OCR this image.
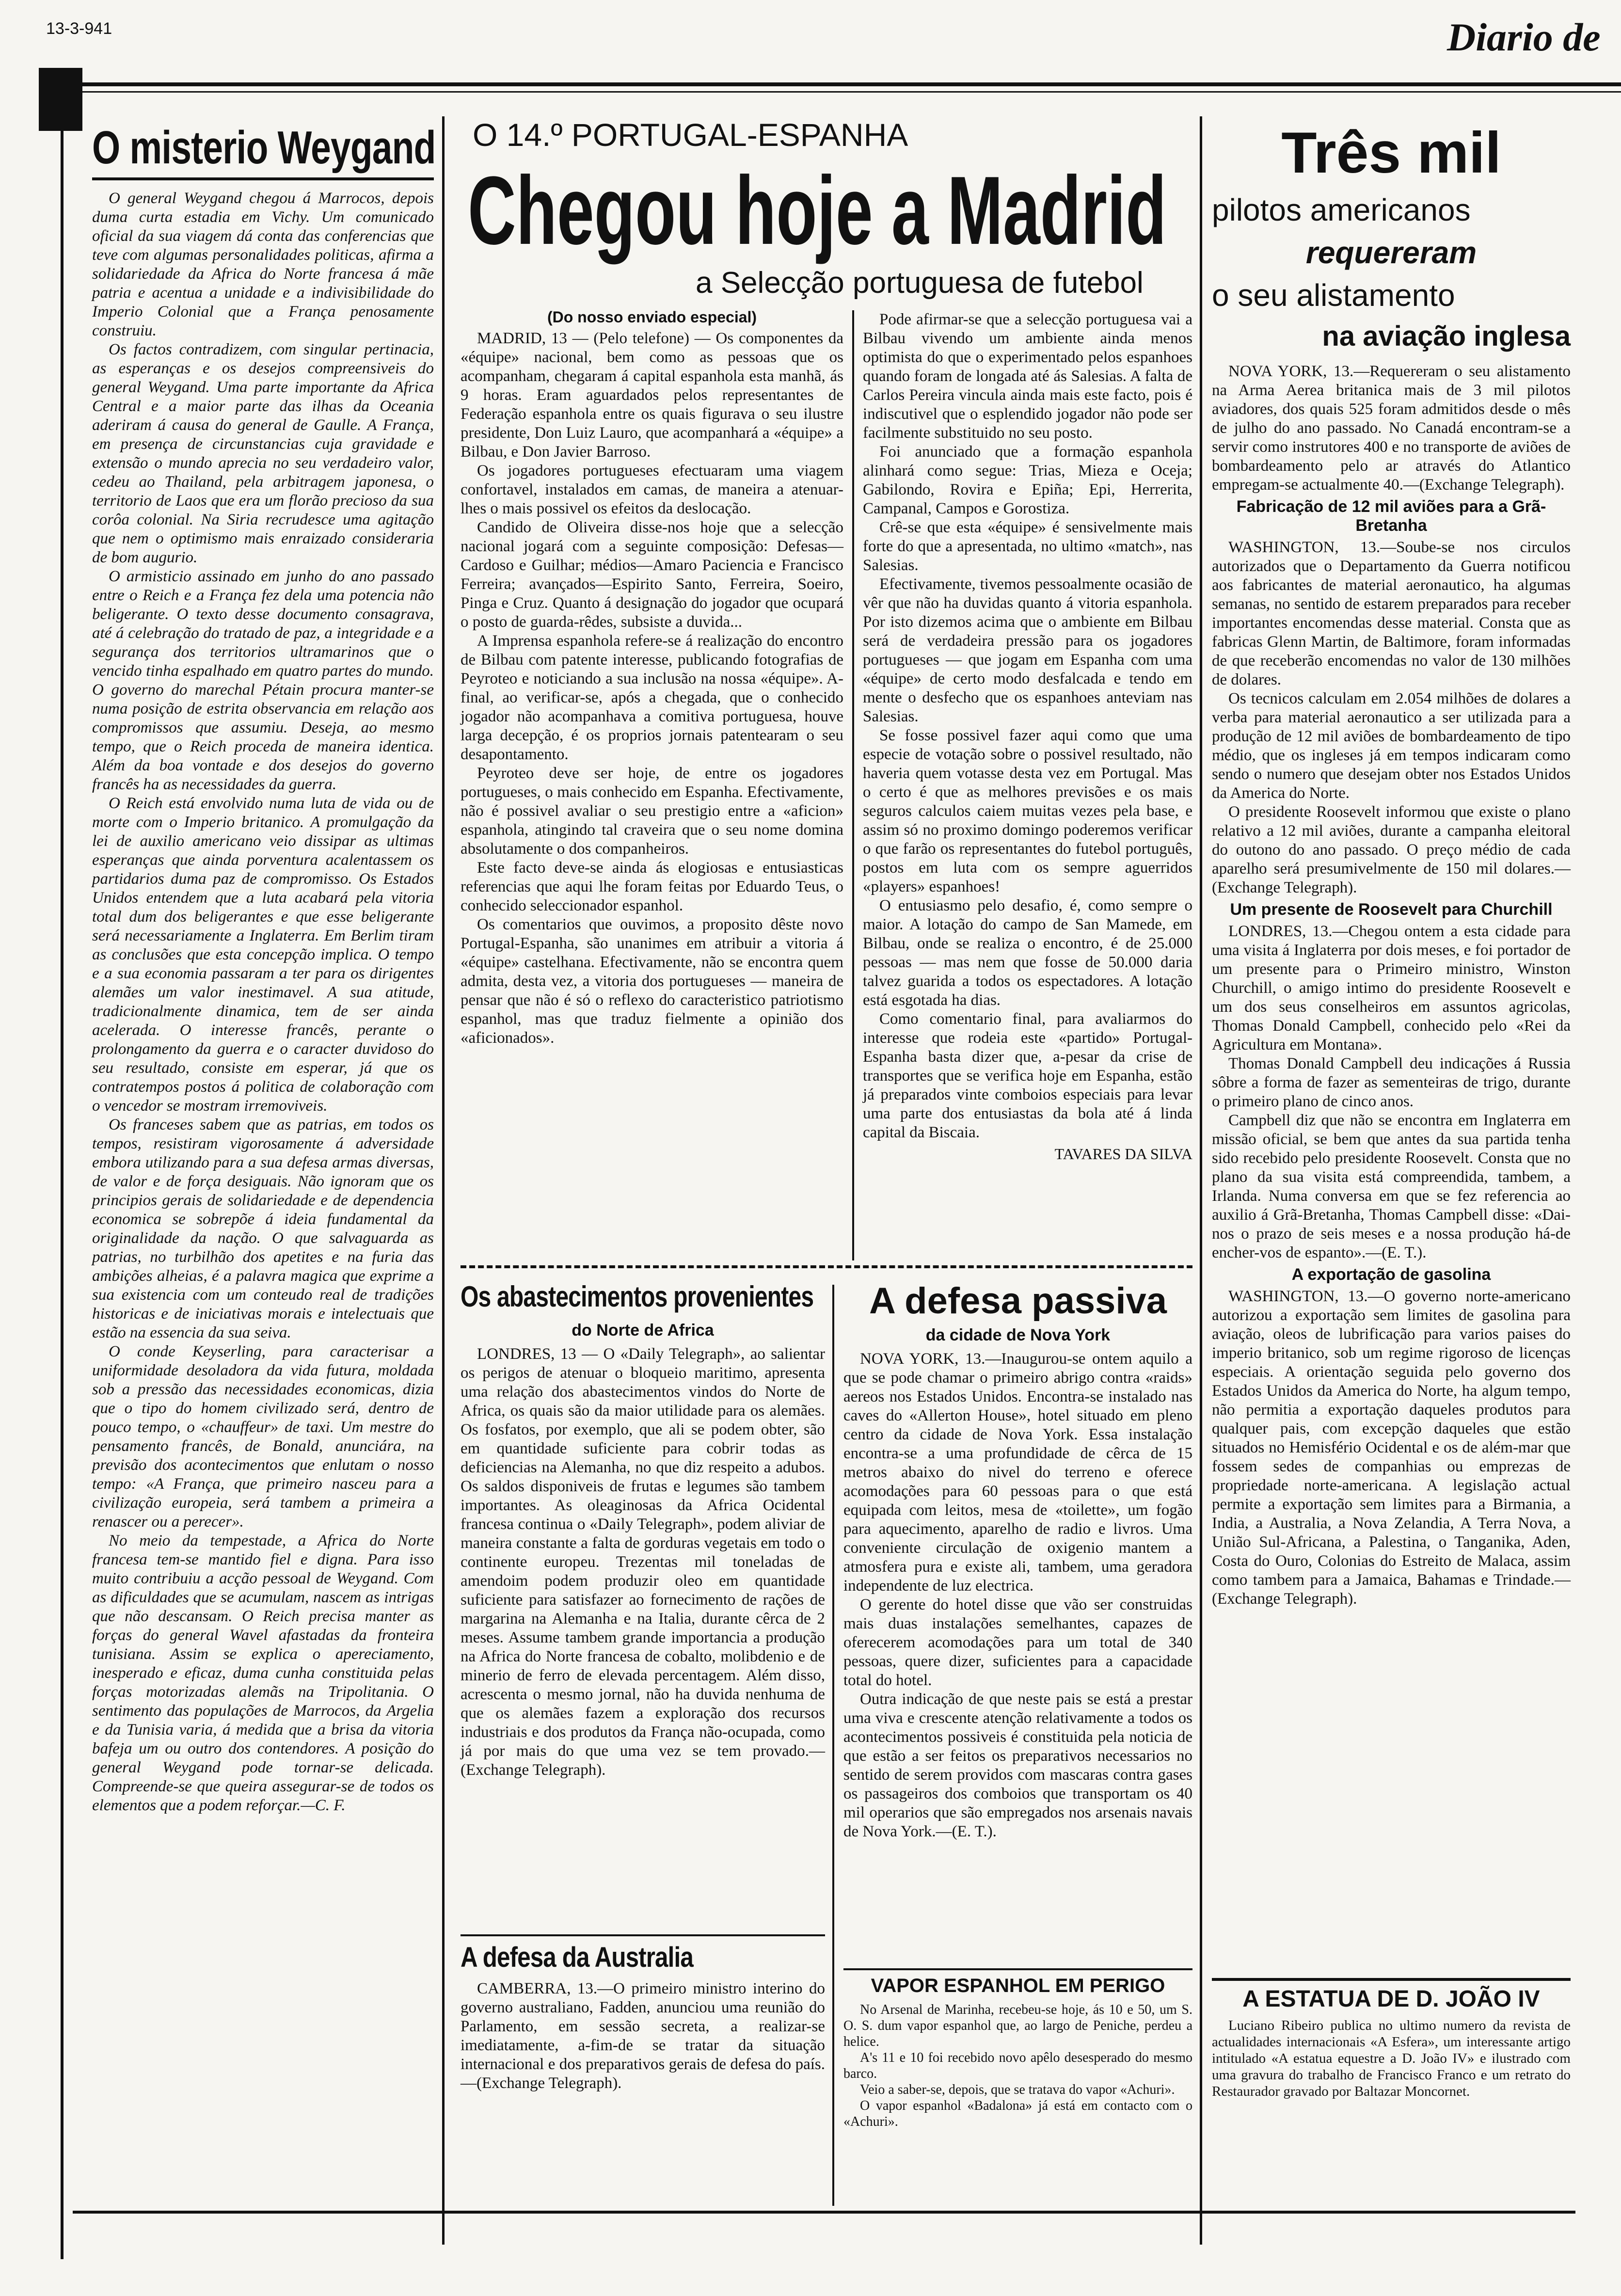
13-3-941	Diario de
O misterio Weygand

O general Weygand chegou á Marrocos, depois duma curta estadia em Vichy. Um comunicado oficial da sua viagem dá conta das conferencias que teve com algumas personalidades politicas, afirma a solidariedade da Africa do Norte francesa á mãe patria e acentua a unidade e a indivisibilidade do Imperio Colonial que a França penosamente construiu.

Os factos contradizem, com singular pertinacia, as esperanças e os desejos compreensiveis do general Weygand. Uma parte importante da Africa Central e a maior parte das ilhas da Oceania aderiram á causa do general de Gaulle. A França, em presença de circunstancias cuja gravidade e extensão o mundo aprecia no seu verdadeiro valor, cedeu ao Thailand, pela arbitragem japonesa, o territorio de Laos que era um florão precioso da sua corôa colonial. Na Siria recrudesce uma agitação que nem o optimismo mais enraizado consideraria de bom augurio.

O armisticio assinado em junho do ano passado entre o Reich e a França fez dela uma potencia não beligerante. O texto desse documento consagrava, até á celebração do tratado de paz, a integridade e a segurança dos territorios ultramarinos que o vencido tinha espalhado em quatro partes do mundo. O governo do marechal Pétain procura manter-se numa posição de estrita observancia em relação aos compromissos que assumiu. Deseja, ao mesmo tempo, que o Reich proceda de maneira identica. Além da boa vontade e dos desejos do governo francês ha as necessidades da guerra.

O Reich está envolvido numa luta de vida ou de morte com o Imperio britanico. A promulgação da lei de auxilio americano veio dissipar as ultimas esperanças que ainda porventura acalentassem os partidarios duma paz de compromisso. Os Estados Unidos entendem que a luta acabará pela vitoria total dum dos beligerantes e que esse beligerante será necessariamente a Inglaterra. Em Berlim tiram as conclusões que esta concepção implica. O tempo e a sua economia passaram a ter para os dirigentes alemães um valor inestimavel. A sua atitude, tradicionalmente dinamica, tem de ser ainda acelerada. O interesse francês, perante o prolongamento da guerra e o caracter duvidoso do seu resultado, consiste em esperar, já que os contratempos postos á politica de colaboração com o vencedor se mostram irremoviveis.

Os franceses sabem que as patrias, em todos os tempos, resistiram vigorosamente á adversidade embora utilizando para a sua defesa armas diversas, de valor e de força desiguais. Não ignoram que os principios gerais de solidariedade e de dependencia economica se sobrepõe á ideia fundamental da originalidade da nação. O que salvaguarda as patrias, no turbilhão dos apetites e na furia das ambições alheias, é a palavra magica que exprime a sua existencia com um conteudo real de tradições historicas e de iniciativas morais e intelectuais que estão na essencia da sua seiva.

O conde Keyserling, para caracterisar a uniformidade desoladora da vida futura, moldada sob a pressão das necessidades economicas, dizia que o tipo do homem civilizado será, dentro de pouco tempo, o «chauffeur» de taxi. Um mestre do pensamento francês, de Bonald, anunciára, na previsão dos acontecimentos que enlutam o nosso tempo: «A França, que primeiro nasceu para a civilização europeia, será tambem a primeira a renascer ou a perecer».

No meio da tempestade, a Africa do Norte francesa tem-se mantido fiel e digna. Para isso muito contribuiu a acção pessoal de Weygand. Com as dificuldades que se acumulam, nascem as intrigas que não descansam. O Reich precisa manter as forças do general Wavel afastadas da fronteira tunisiana. Assim se explica o apereciamento, inesperado e eficaz, duma cunha constituida pelas forças motorizadas alemãs na Tripolitania. O sentimento das populações de Marrocos, da Argelia e da Tunisia varia, á medida que a brisa da vitoria bafeja um ou outro dos contendores. A posição do general Weygand pode tornar-se delicada. Compreende-se que queira assegurar-se de todos os elementos que a podem reforçar.—C. F.

O 14.º PORTUGAL-ESPANHA
Chegou hoje a Madrid
a Selecção portuguesa de futebol
(Do nosso enviado especial)

MADRID, 13 — (Pelo telefone) — Os componentes da «équipe» nacional, bem como as pessoas que os acompanham, chegaram á capital espanhola esta manhã, ás 9 horas. Eram aguardados pelos representantes de Federação espanhola entre os quais figurava o seu ilustre presidente, Don Luiz Lauro, que acompanhará a «équipe» a Bilbau, e Don Javier Barroso.

Os jogadores portugueses efectuaram uma viagem confortavel, instalados em camas, de maneira a atenuar-lhes o mais possivel os efeitos da deslocação.

Candido de Oliveira disse-nos hoje que a selecção nacional jogará com a seguinte composição: Defesas—Cardoso e Guilhar; médios—Amaro Pacienciа e Francisco Ferreira; avançados—Espirito Santo, Ferreira, Soeiro, Pinga e Cruz. Quanto á designação do jogador que ocupará o posto de guarda-rêdes, subsiste a duvida...

A Imprensa espanhola refere-se á realização do encontro de Bilbau com patente interesse, publicando fotografias de Peyroteo e noticiando a sua inclusão na nossa «équipe». A-final, ao verificar-se, após a chegada, que o conhecido jogador não acompanhava a comitiva portuguesa, houve larga decepção, é os proprios jornais patentearam o seu desapontamento.

Peyroteo deve ser hoje, de entre os jogadores portugueses, o mais conhecido em Espanha. Efectivamente, não é possivel avaliar o seu prestigio entre a «aficion» espanhola, atingindo tal craveira que o seu nome domina absolutamente o dos companheiros.

Este facto deve-se ainda ás elogiosas e entusiasticas referencias que aqui lhe foram feitas por Eduardo Teus, o conhecido seleccionador espanhol.

Os comentarios que ouvimos, a proposito dêste novo Portugal-Espanha, são unanimes em atribuir a vitoria á «équipe» castelhana. Efectivamente, não se encontra quem admita, desta vez, a vitoria dos portugueses — maneira de pensar que não é só o reflexo do caracteristico patriotismo espanhol, mas que traduz fielmente a opinião dos «aficionados».

Pode afirmar-se que a selecção portuguesa vai a Bilbau vivendo um ambiente ainda menos optimista do que o experimentado pelos espanhoes quando foram de longada até ás Salesias. A falta de Carlos Pereira vincula ainda mais este facto, pois é indiscutivel que o esplendido jogador não pode ser facilmente substituido no seu posto.

Foi anunciado que a formação espanhola alinhará como segue: Trias, Mieza e Oceja; Gabilondo, Rovira e Epiña; Epi, Herrerita, Campanal, Campos e Gorostiza.

Crê-se que esta «équipe» é sensivelmente mais forte do que a apresentada, no ultimo «match», nas Salesias.

Efectivamente, tivemos pessoalmente ocasião de vêr que não ha duvidas quanto á vitoria espanhola. Por isto dizemos acima que o ambiente em Bilbau será de verdadeira pressão para os jogadores portugueses — que jogam em Espanha com uma «équipe» de certo modo desfalcada e tendo em mente o desfecho que os espanhoes anteviam nas Salesias.

Se fosse possivel fazer aqui como que uma especie de votação sobre o possivel resultado, não haveria quem votasse desta vez em Portugal. Mas o certo é que as melhores previsões e os mais seguros calculos caiem muitas vezes pela base, e assim só no proximo domingo poderemos verificar o que farão os representantes do futebol português, postos em luta com os sempre aguerridos «players» espanhoes!

O entusiasmo pelo desafio, é, como sempre o maior. A lotação do campo de San Mamede, em Bilbau, onde se realiza o encontro, é de 25.000 pessoas — mas nem que fosse de 50.000 daria talvez guarida a todos os espectadores. A lotação está esgotada ha dias.

Como comentario final, para avaliarmos do interesse que rodeia este «partido» Portugal-Espanha basta dizer que, a-pesar da crise de transportes que se verifica hoje em Espanha, estão já preparados vinte comboios especiais para levar uma parte dos entusiastas da bola até á linda capital da Biscaia.

TAVARES DA SILVA
Os abastecimentos provenientes
do Norte de Africa

LONDRES, 13 — O «Daily Telegraph», ao salientar os perigos de atenuar o bloqueio maritimo, apresenta uma relação dos abastecimentos vindos do Norte de Africa, os quais são da maior utilidade para os alemães. Os fosfatos, por exemplo, que ali se podem obter, são em quantidade suficiente para cobrir todas as deficiencias na Alemanha, no que diz respeito a adubos. Os saldos disponiveis de frutas e legumes são tambem importantes. As oleaginosas da Africa Ocidental francesa continua o «Daily Telegraph», podem aliviar de maneira constante a falta de gorduras vegetais em todo o continente europeu. Trezentas mil toneladas de amendoim podem produzir oleo em quantidade suficiente para satisfazer ao fornecimento de rações de margarina na Alemanha e na Italia, durante cêrca de 2 meses. Assume tambem grande importancia a produção na Africa do Norte francesa de cobalto, molibdenio e de minerio de ferro de elevada percentagem. Além disso, acrescenta o mesmo jornal, não ha duvida nenhuma de que os alemães fazem a exploração dos recursos industriais e dos produtos da França não-ocupada, como já por mais do que uma vez se tem provado.—(Exchange Telegraph).

A defesa da Australia

CAMBERRA, 13.—O primeiro ministro interino do governo australiano, Fadden, anunciou uma reunião do Parlamento, em sessão secreta, a realizar-se imediatamente, a-fim-de se tratar da situação internacional e dos preparativos gerais de defesa do país.—(Exchange Telegraph).

A defesa passiva
da cidade de Nova York

NOVA YORK, 13.—Inaugurou-se ontem aquilo a que se pode chamar o primeiro abrigo contra «raids» aereos nos Estados Unidos. Encontra-se instalado nas caves do «Allerton House», hotel situado em pleno centro da cidade de Nova York. Essa instalação encontra-se a uma profundidade de cêrca de 15 metros abaixo do nivel do terreno e oferece acomodações para 60 pessoas para o que está equipada com leitos, mesa de «toilette», um fogão para aquecimento, aparelho de radio e livros. Uma conveniente circulação de oxigenio mantem a atmosfera pura e existe ali, tambem, uma geradora independente de luz electrica.

O gerente do hotel disse que vão ser construidas mais duas instalações semelhantes, capazes de oferecerem acomodações para um total de 340 pessoas, quere dizer, suficientes para a capacidade total do hotel.

Outra indicação de que neste pais se está a prestar uma viva e crescente atenção relativamente a todos os acontecimentos possiveis é constituida pela noticia de que estão a ser feitos os preparativos necessarios no sentido de serem providos com mascaras contra gases os passageiros dos comboios que transportam os 40 mil operarios que são empregados nos arsenais navais de Nova York.—(E. T.).

VAPOR ESPANHOL EM PERIGO

No Arsenal de Marinha, recebeu-se hoje, ás 10 e 50, um S. O. S. dum vapor espanhol que, ao largo de Peniche, perdeu a helice.

A's 11 e 10 foi recebido novo apêlo desesperado do mesmo barco.

Veio a saber-se, depois, que se tratava do vapor «Achuri».

O vapor espanhol «Badalona» já está em contacto com o «Achuri».

Três mil
pilotos americanos
requereram
o seu alistamento
na aviação inglesa

NOVA YORK, 13.—Requereram o seu alistamento na Arma Aerea britanica mais de 3 mil pilotos aviadores, dos quais 525 foram admitidos desde o mês de julho do ano passado. No Canadá encontram-se a servir como instrutores 400 e no transporte de aviões de bombardeamento pelo ar através do Atlantico empregam-se actualmente 40.—(Exchange Telegraph).

Fabricação de 12 mil aviões para a Grã-Bretanha

WASHINGTON, 13.—Soube-se nos circulos autorizados que o Departamento da Guerra notificou aos fabricantes de material aeronautico, ha algumas semanas, no sentido de estarem preparados para receber importantes encomendas desse material. Consta que as fabricas Glenn Martin, de Baltimore, foram informadas de que receberão encomendas no valor de 130 milhões de dolares.

Os tecnicos calculam em 2.054 milhões de dolares a verba para material aeronautico a ser utilizada para a produção de 12 mil aviões de bombardeamento de tipo médio, que os ingleses já em tempos indicaram como sendo o numero que desejam obter nos Estados Unidos da America do Norte.

O presidente Roosevelt informou que existe o plano relativo a 12 mil aviões, durante a campanha eleitoral do outono do ano passado. O preço médio de cada aparelho será presumivelmente de 150 mil dolares.—(Exchange Telegraph).

Um presente de Roosevelt para Churchill

LONDRES, 13.—Chegou ontem a esta cidade para uma visita á Inglaterra por dois meses, e foi portador de um presente para o Primeiro ministro, Winston Churchill, o amigo intimo do presidente Roosevelt e um dos seus conselheiros em assuntos agricolas, Thomas Donald Campbell, conhecido pelo «Rei da Agricultura em Montana».

Thomas Donald Campbell deu indicações á Russia sôbre a forma de fazer as sementeiras de trigo, durante o primeiro plano de cinco anos.

Campbell diz que não se encontra em Inglaterra em missão oficial, se bem que antes da sua partida tenha sido recebido pelo presidente Roosevelt. Consta que no plano da sua visita está compreendida, tambem, a Irlanda. Numa conversa em que se fez referencia ao auxilio á Grã-Bretanha, Thomas Campbell disse: «Dai-nos o prazo de seis meses e a nossa produção há-de encher-vos de espanto».—(E. T.).

A exportação de gasolina

WASHINGTON, 13.—O governo norte-americano autorizou a exportação sem limites de gasolina para aviação, oleos de lubrificação para varios paises do imperio britanico, sob um regime rigoroso de licenças especiais. A orientação seguida pelo governo dos Estados Unidos da America do Norte, ha algum tempo, não permitia a exportação daqueles produtos para qualquer pais, com excepção daqueles que estão situados no Hemisfério Ocidental e os de além-mar que fossem sedes de companhias ou emprezas de propriedade norte-americana. A legislação actual permite a exportação sem limites para a Birmania, a India, a Australia, a Nova Zelandia, A Terra Nova, a União Sul-Africana, a Palestina, o Tanganika, Aden, Costa do Ouro, Colonias do Estreito de Malaca, assim como tambem para a Jamaica, Bahamas e Trindade.—(Exchange Telegraph).

A ESTATUA DE D. JOÃO IV

Luciano Ribeiro publica no ultimo numero da revista de actualidades internacionais «A Esfera», um interessante artigo intitulado «A estatua equestre a D. João IV» e ilustrado com uma gravura do trabalho de Francisco Franco e um retrato do Restaurador gravado por Baltazar Moncornet.
